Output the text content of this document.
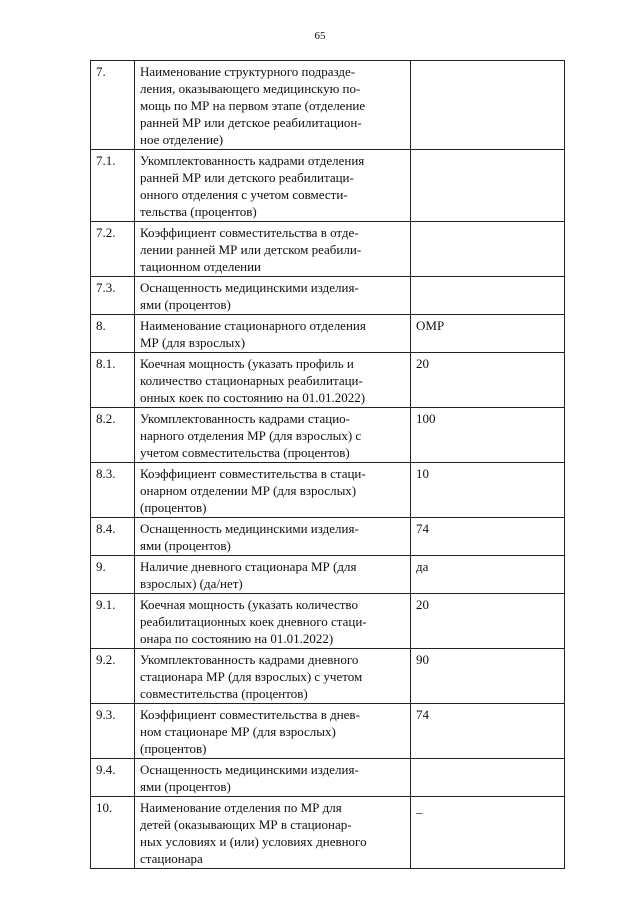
65
7.	Наименование структурного подразде-
ления, оказывающего медицинскую по-
мощь по МР на первом этапе (отделение
ранней МР или детское реабилитацион-
ное отделение)	

7.1.	Укомплектованность кадрами отделения
ранней МР или детского реабилитаци-
онного отделения с учетом совмести-
тельства (процентов)	

7.2.	Коэффициент совместительства в отде-
лении ранней МР или детском реабили-
тационном отделении	

7.3.	Оснащенность медицинскими изделия-
ями (процентов)	

8.	Наименование стационарного отделения
МР (для взрослых)	ОМР
8.1.	Коечная мощность (указать профиль и
количество стационарных реабилитаци-
онных коек по состоянию на 01.01.2022)	20
8.2.	Укомплектованность кадрами стацио-
нарного отделения МР (для взрослых) с
учетом совместительства (процентов)	100
8.3.	Коэффициент совместительства в стаци-
онарном отделении МР (для взрослых)
(процентов)	10
8.4.	Оснащенность медицинскими изделия-
ями (процентов)	74
9.	Наличие дневного стационара МР (для
взрослых) (да/нет)	да
9.1.	Коечная мощность (указать количество
реабилитационных коек дневного стаци-
онара по состоянию на 01.01.2022)	20
9.2.	Укомплектованность кадрами дневного
стационара МР (для взрослых) с учетом
совместительства (процентов)	90
9.3.	Коэффициент совместительства в днев-
ном стационаре МР (для взрослых)
(процентов)	74
9.4.	Оснащенность медицинскими изделия-
ями (процентов)	

10.	Наименование отделения по МР для
детей (оказывающих МР в стационар-
ных условиях и (или) условиях дневного
стационара	_
